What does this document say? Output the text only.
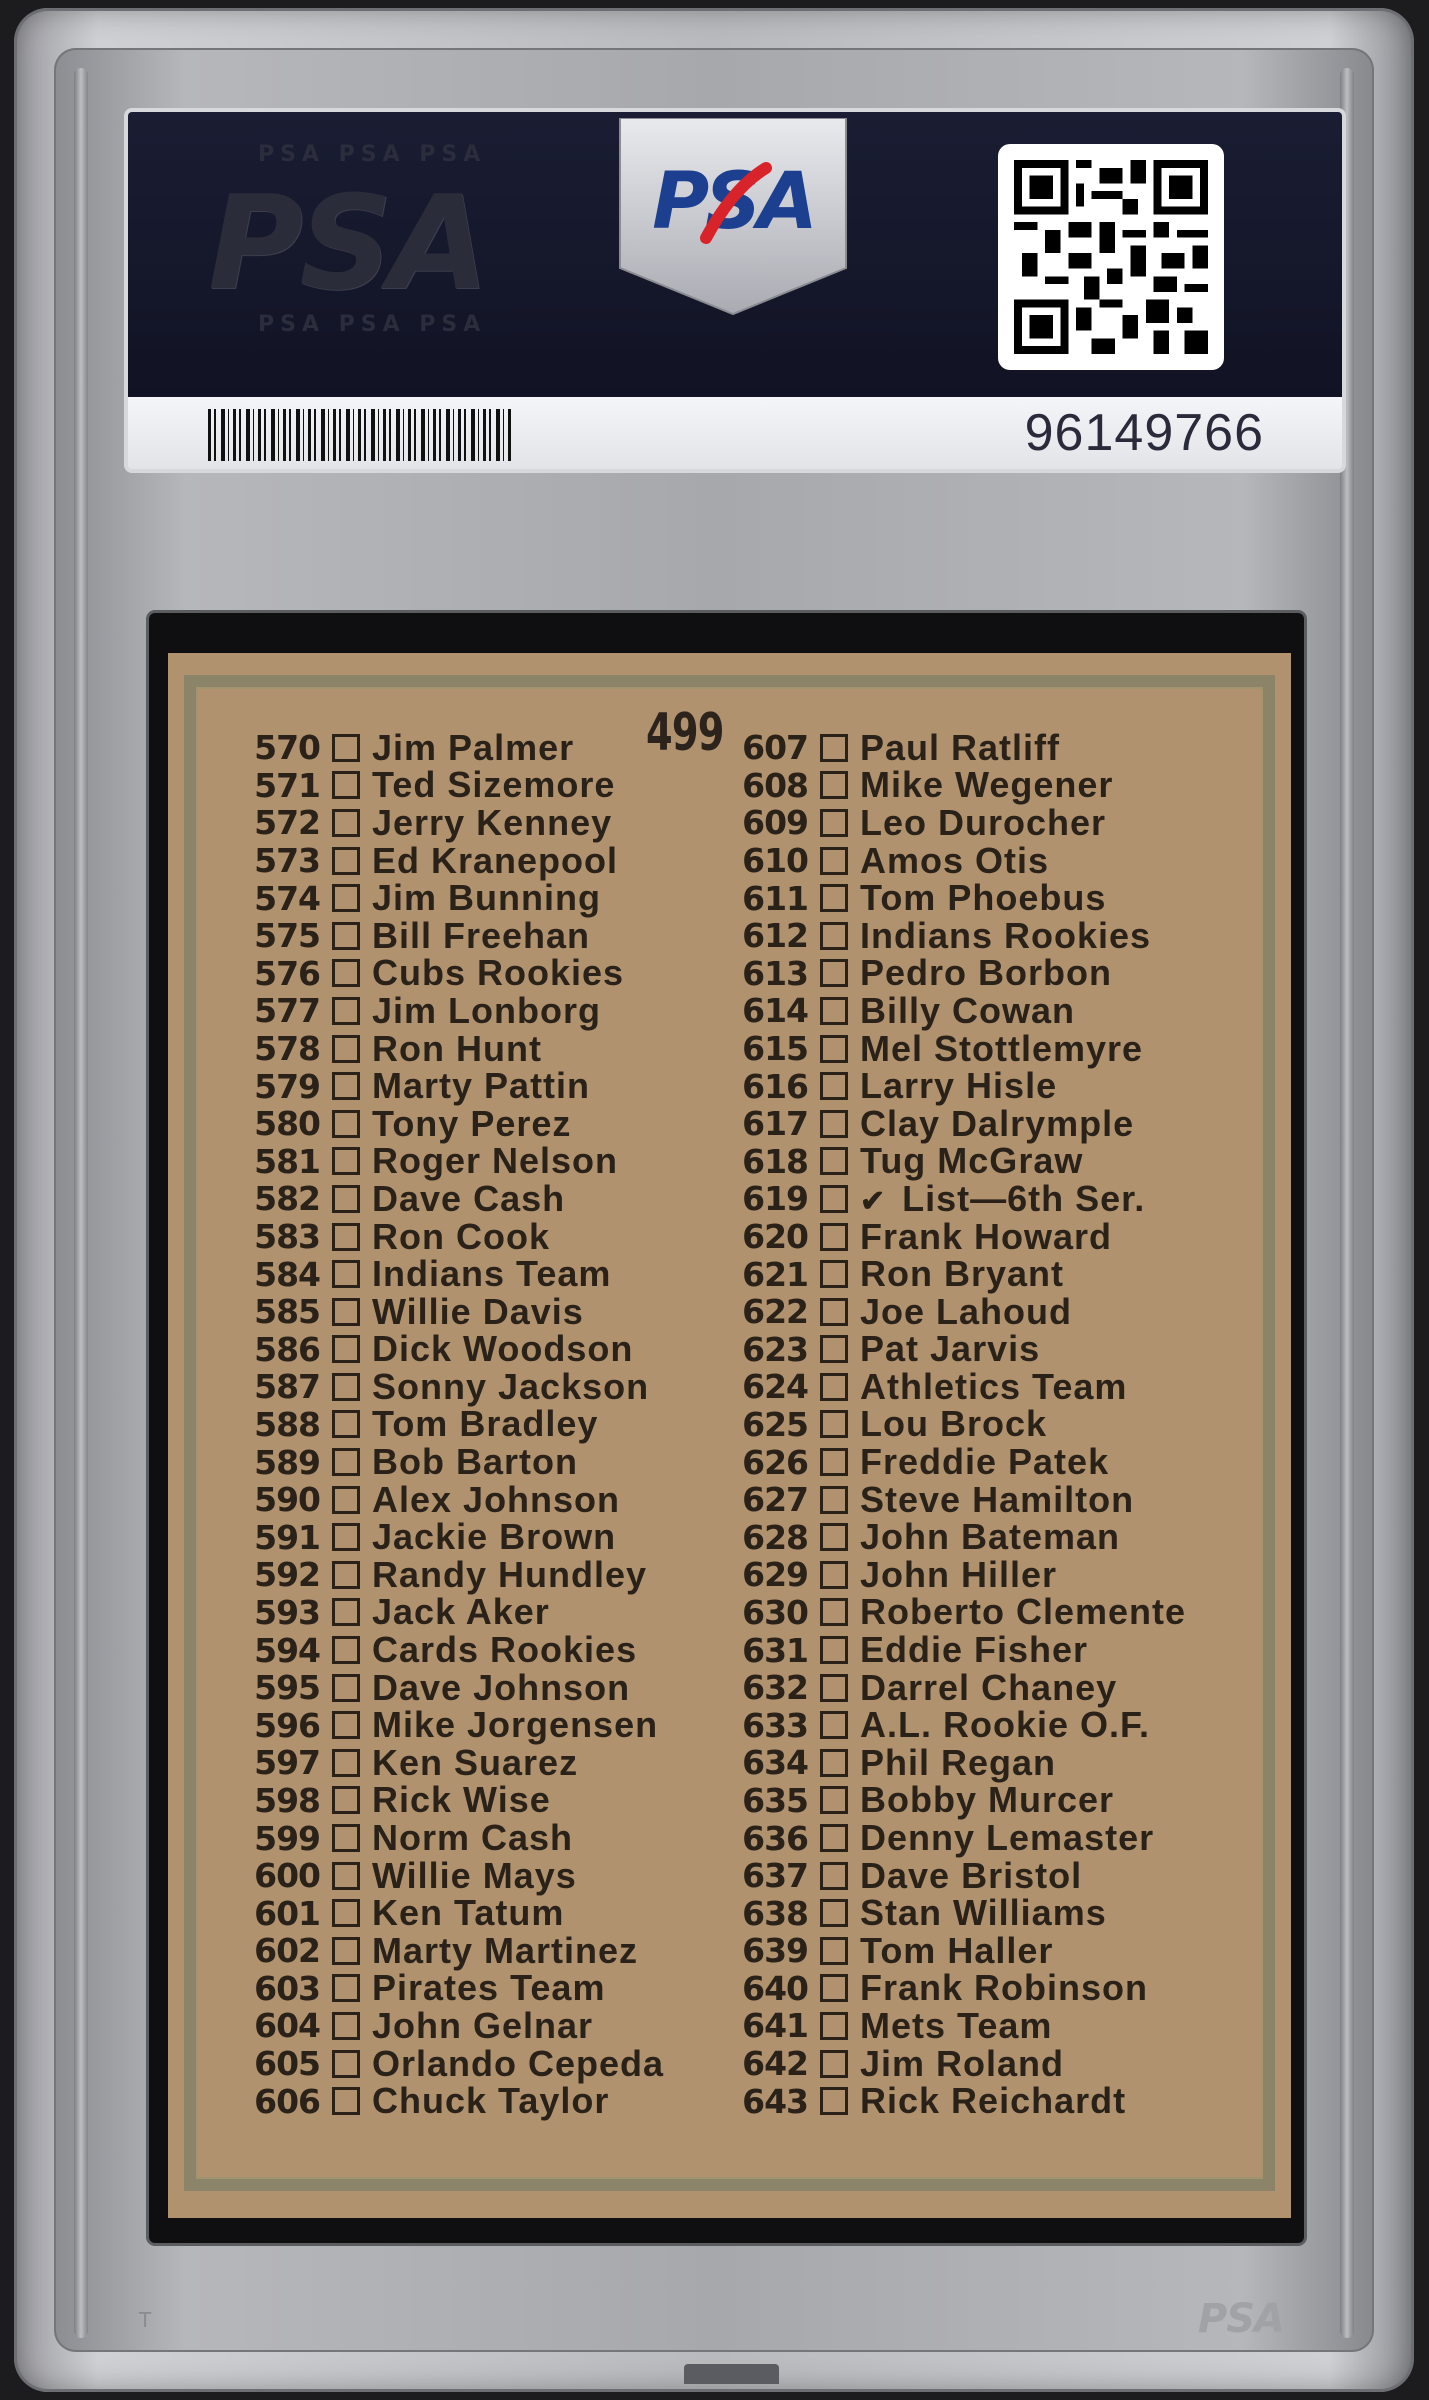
PSA PSA PSA
PSA
PSA PSA PSA
PSA
96149766
499
570 Jim Palmer
571 Ted Sizemore
572 Jerry Kenney
573 Ed Kranepool
574 Jim Bunning
575 Bill Freehan
576 Cubs Rookies
577 Jim Lonborg
578 Ron Hunt
579 Marty Pattin
580 Tony Perez
581 Roger Nelson
582 Dave Cash
583 Ron Cook
584 Indians Team
585 Willie Davis
586 Dick Woodson
587 Sonny Jackson
588 Tom Bradley
589 Bob Barton
590 Alex Johnson
591 Jackie Brown
592 Randy Hundley
593 Jack Aker
594 Cards Rookies
595 Dave Johnson
596 Mike Jorgensen
597 Ken Suarez
598 Rick Wise
599 Norm Cash
600 Willie Mays
601 Ken Tatum
602 Marty Martinez
603 Pirates Team
604 John Gelnar
605 Orlando Cepeda
606 Chuck Taylor
607 Paul Ratliff
608 Mike Wegener
609 Leo Durocher
610 Amos Otis
611 Tom Phoebus
612 Indians Rookies
613 Pedro Borbon
614 Billy Cowan
615 Mel Stottlemyre
616 Larry Hisle
617 Clay Dalrymple
618 Tug McGraw
619 ✔ List—6th Ser.
620 Frank Howard
621 Ron Bryant
622 Joe Lahoud
623 Pat Jarvis
624 Athletics Team
625 Lou Brock
626 Freddie Patek
627 Steve Hamilton
628 John Bateman
629 John Hiller
630 Roberto Clemente
631 Eddie Fisher
632 Darrel Chaney
633 A.L. Rookie O.F.
634 Phil Regan
635 Bobby Murcer
636 Denny Lemaster
637 Dave Bristol
638 Stan Williams
639 Tom Haller
640 Frank Robinson
641 Mets Team
642 Jim Roland
643 Rick Reichardt
T	PSA
